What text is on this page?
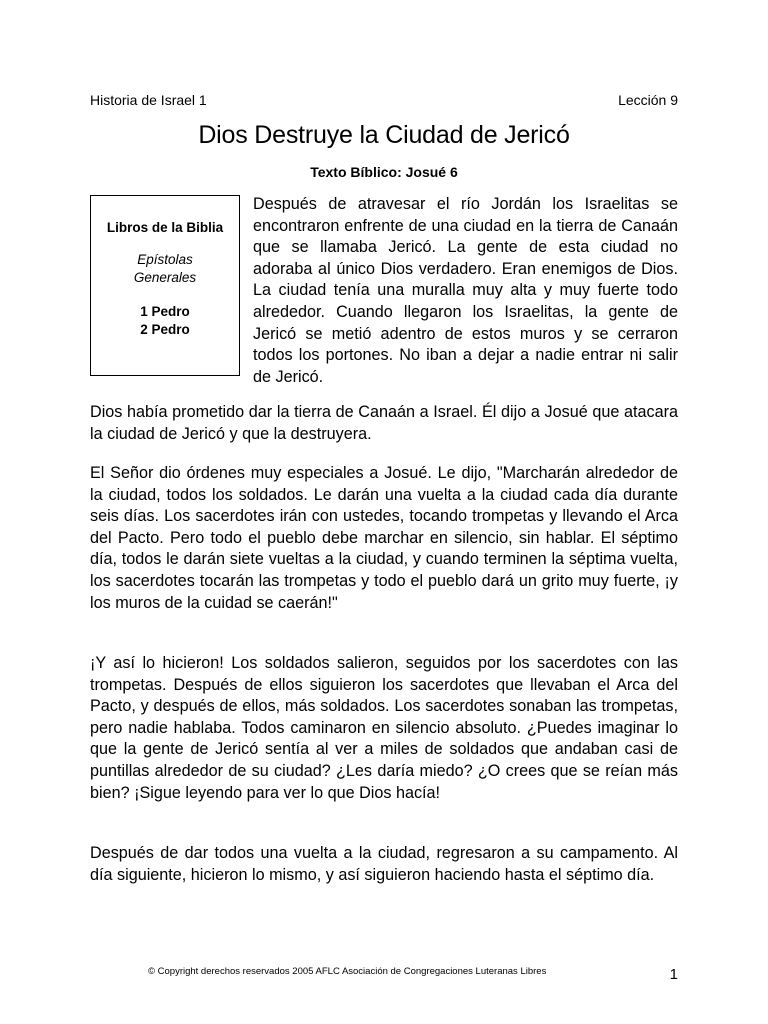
Historia de Israel 1	Lección 9
Dios Destruye la Ciudad de Jericó
Texto Bíblico: Josué 6
Libros de la Biblia
Epístolas
Generales
1 Pedro
2 Pedro

Después de atravesar el río Jordán los Israelitas se encontraron enfrente de una ciudad en la tierra de Canaán que se llamaba Jericó. La gente de esta ciudad no adoraba al único Dios verdadero. Eran enemigos de Dios. La ciudad tenía una muralla muy alta y muy fuerte todo alrededor. Cuando llegaron los Israelitas, la gente de Jericó se metió adentro de estos muros y se cerraron todos los portones. No iban a dejar a nadie entrar ni salir de Jericó.

Dios había prometido dar la tierra de Canaán a Israel. Él dijo a Josué que atacara la ciudad de Jericó y que la destruyera.

El Señor dio órdenes muy especiales a Josué. Le dijo, "Marcharán alrededor de la ciudad, todos los soldados. Le darán una vuelta a la ciudad cada día durante seis días. Los sacerdotes irán con ustedes, tocando trompetas y llevando el Arca del Pacto. Pero todo el pueblo debe marchar en silencio, sin hablar. El séptimo día, todos le darán siete vueltas a la ciudad, y cuando terminen la séptima vuelta, los sacerdotes tocarán las trompetas y todo el pueblo dará un grito muy fuerte, ¡y los muros de la cuidad se caerán!"

¡Y así lo hicieron! Los soldados salieron, seguidos por los sacerdotes con las trompetas. Después de ellos siguieron los sacerdotes que llevaban el Arca del Pacto, y después de ellos, más soldados. Los sacerdotes sonaban las trompetas, pero nadie hablaba. Todos caminaron en silencio absoluto. ¿Puedes imaginar lo que la gente de Jericó sentía al ver a miles de soldados que andaban casi de puntillas alrededor de su ciudad? ¿Les daría miedo? ¿O crees que se reían más bien? ¡Sigue leyendo para ver lo que Dios hacía!

Después de dar todos una vuelta a la ciudad, regresaron a su campamento. Al día siguiente, hicieron lo mismo, y así siguieron haciendo hasta el séptimo día.

© Copyright derechos reservados 2005 AFLC Asociación de Congregaciones Luteranas Libres	1
